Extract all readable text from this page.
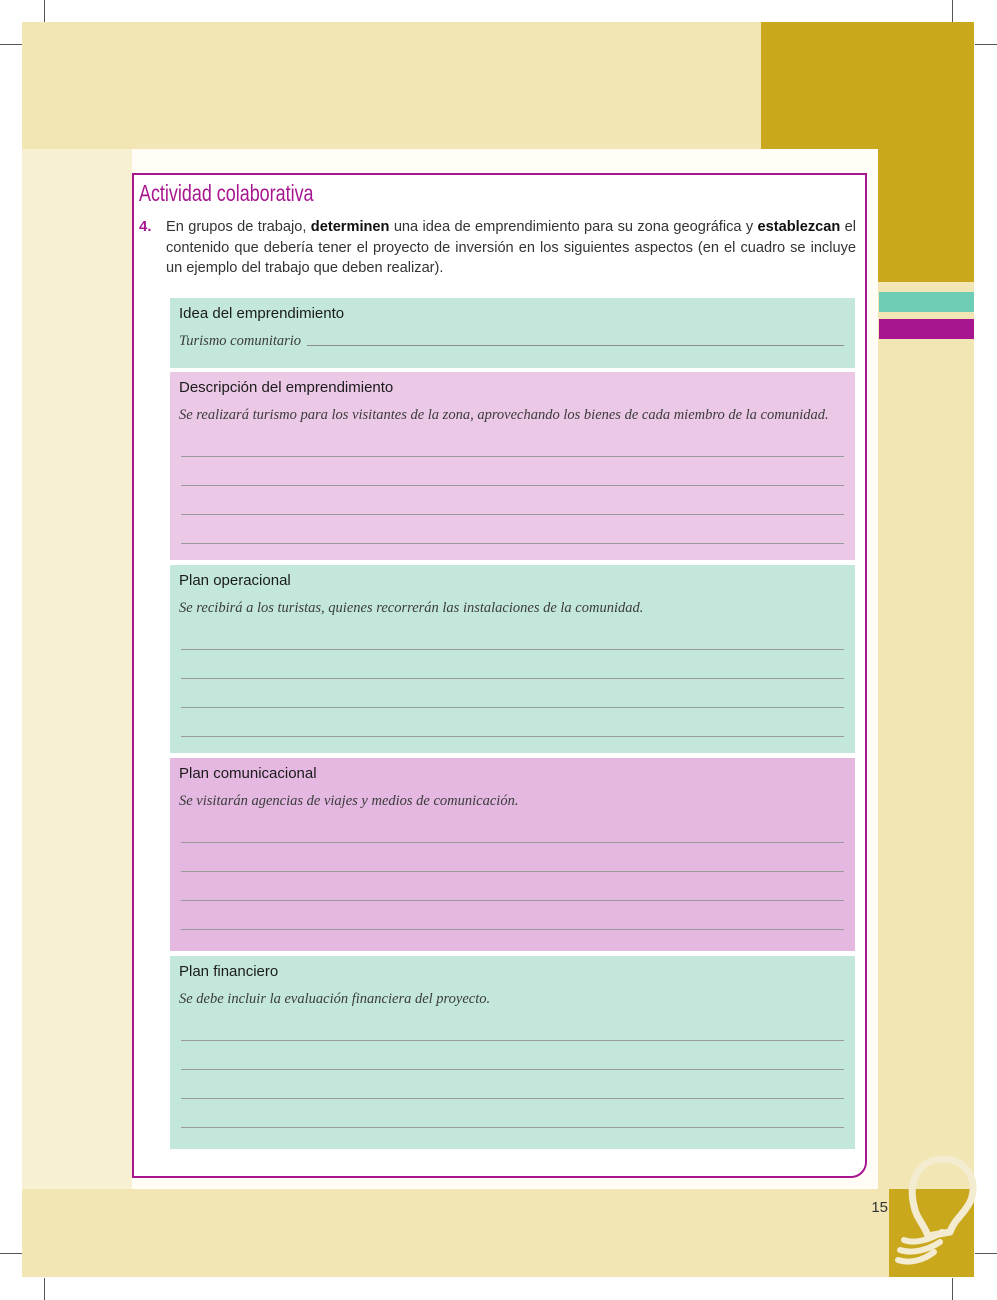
15
Actividad colaborativa
4. En grupos de trabajo, determinen una idea de emprendimiento para su zona geográfica y establezcan el contenido que debería tener el proyecto de inversión en los siguientes aspectos (en el cuadro se incluye un ejemplo del trabajo que deben realizar).
Idea del emprendimiento
Turismo comunitario
Descripción del emprendimiento
Se realizará turismo para los visitantes de la zona, aprovechando los bienes de cada miembro de la comunidad.
Plan operacional
Se recibirá a los turistas, quienes recorrerán las instalaciones de la comunidad.
Plan comunicacional
Se visitarán agencias de viajes y medios de comunicación.
Plan financiero
Se debe incluir la evaluación financiera del proyecto.
